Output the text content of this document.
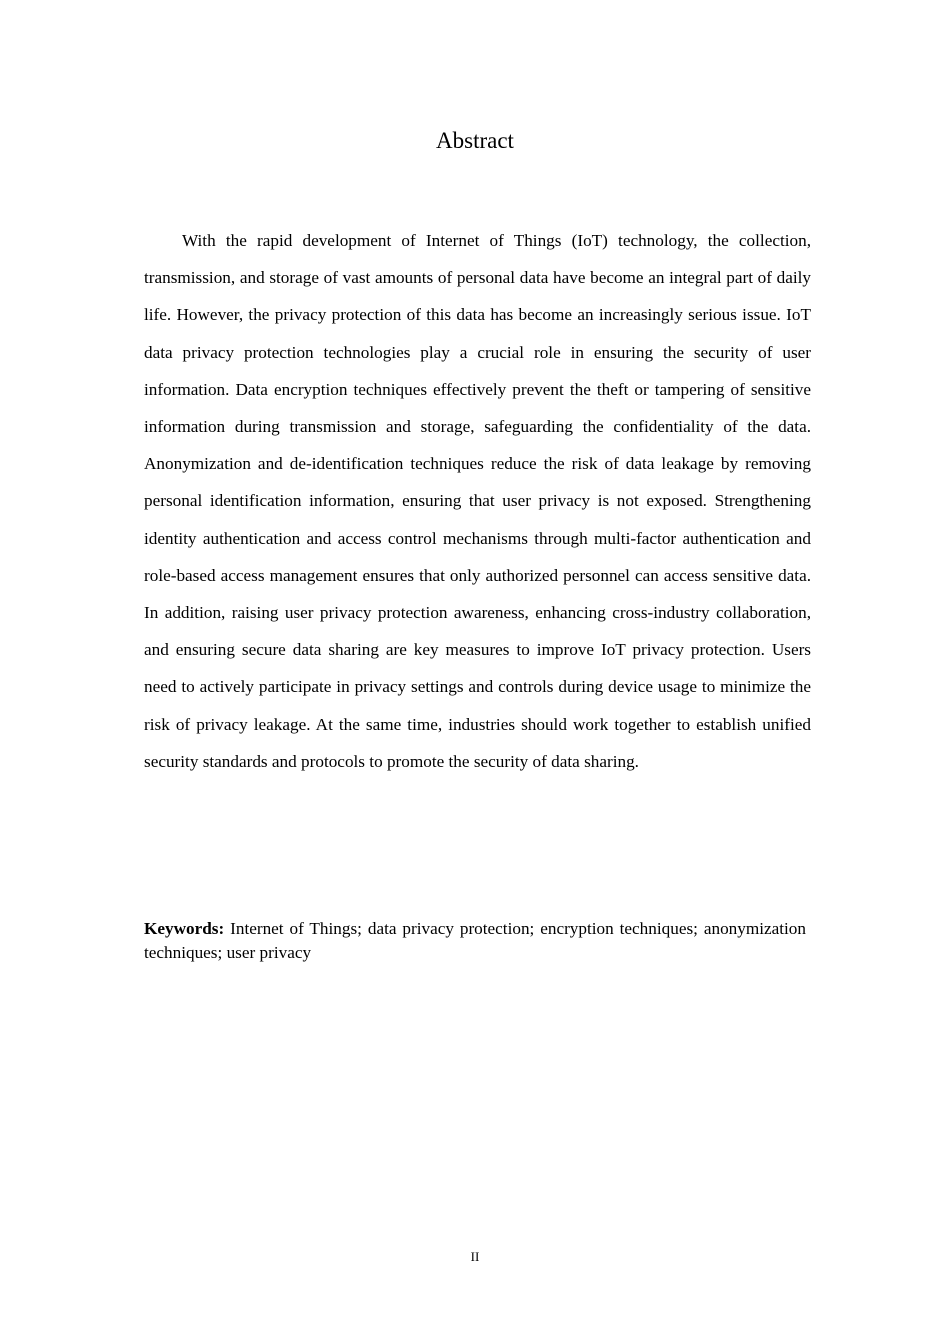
Abstract

With the rapid development of Internet of Things (IoT) technology, the collection, transmission, and storage of vast amounts of personal data have become an integral part of daily life. However, the privacy protection of this data has become an increasingly serious issue. IoT data privacy protection technologies play a crucial role in ensuring the security of user information. Data encryption techniques effectively prevent the theft or tampering of sensitive information during transmission and storage, safeguarding the confidentiality of the data. Anonymization and de-identification techniques reduce the risk of data leakage by removing personal identification information, ensuring that user privacy is not exposed. Strengthening identity authentication and access control mechanisms through multi-factor authentication and role-based access management ensures that only authorized personnel can access sensitive data. In addition, raising user privacy protection awareness, enhancing cross-industry collaboration, and ensuring secure data sharing are key measures to improve IoT privacy protection. Users need to actively participate in privacy settings and controls during device usage to minimize the risk of privacy leakage. At the same time, industries should work together to establish unified security standards and protocols to promote the security of data sharing.

Keywords: Internet of Things; data privacy protection; encryption techniques; anonymization techniques; user privacy

II
